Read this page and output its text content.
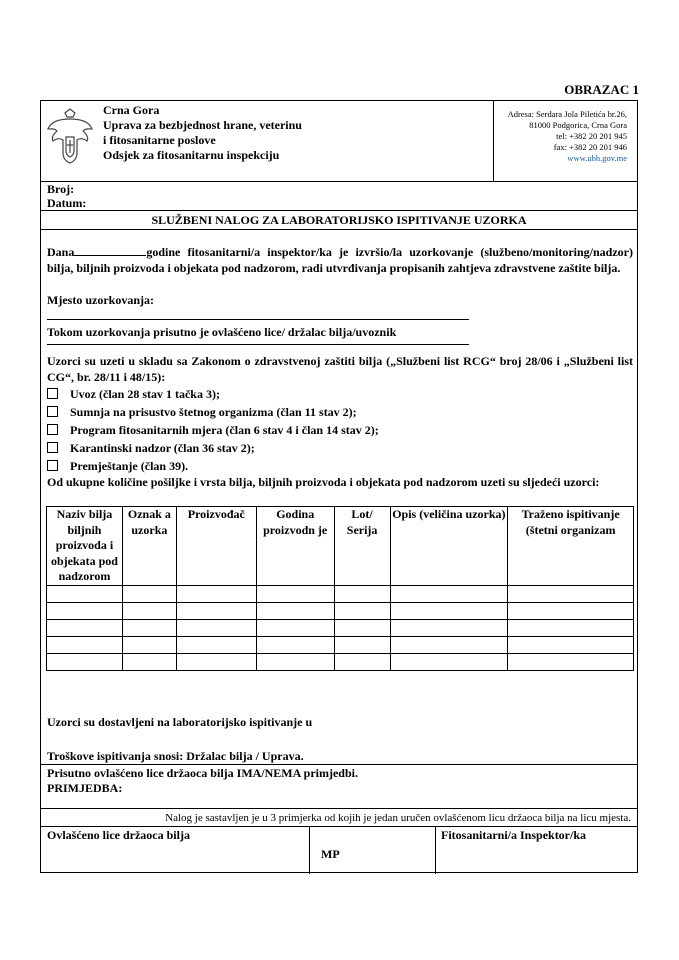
OBRAZAC 1
Crna Gora
Uprava za bezbjednost hrane, veterinu
i fitosanitarne poslove
Odsjek za fitosanitarnu inspekciju
Adresa: Serdara Jola Piletića br.26,
81000 Podgorica, Crna Gora
tel: +382 20 201 945
fax: +382 20 201 946
www.ubh.gov.me
Broj:
Datum:
SLUŽBENI NALOG ZA LABORATORIJSKO ISPITIVANJE UZORKA
Dana	godine fitosanitarni/a inspektor/ka je izvršio/la uzorkovanje (službeno/monitoring/nadzor) bilja, biljnih proizvoda i objekata pod nadzorom, radi utvrđivanja propisanih zahtjeva zdravstvene zaštite bilja.
Mjesto uzorkovanja:
Tokom uzorkovanja prisutno je ovlašćeno lice/ držalac bilja/uvoznik
Uzorci su uzeti u skladu sa Zakonom o zdravstvenoj zaštiti bilja („Službeni list RCG“ broj 28/06 i „Službeni list CG“, br. 28/11 i 48/15):
Uvoz (član 28 stav 1 tačka 3);
Sumnja na prisustvo štetnog organizma (član 11 stav 2);
Program fitosanitarnih mjera (član 6 stav 4 i član 14 stav 2);
Karantinski nadzor (član 36 stav 2);
Premještanje (član 39).
Od ukupne količine pošiljke i vrsta bilja, biljnih proizvoda i objekata pod nadzorom uzeti su sljedeći uzorci:
Naziv bilja biljnih proizvoda i objekata pod nadzorom	Oznak a uzorka	Proizvođač	Godina proizvodn je	Lot/ Serija	Opis (veličina uzorka)	Traženo ispitivanje (štetni organizam

Uzorci su dostavljeni na laboratorijsko ispitivanje u
Troškove ispitivanja snosi: Držalac bilja / Uprava.
Prisutno ovlašćeno lice držaoca bilja IMA/NEMA primjedbi.
PRIMJEDBA:
Nalog je sastavljen je u 3 primjerka od kojih je jedan uručen ovlašćenom licu držaoca bilja na licu mjesta.
Ovlašćeno lice držaoca bilja
MP
Fitosanitarni/a Inspektor/ka
